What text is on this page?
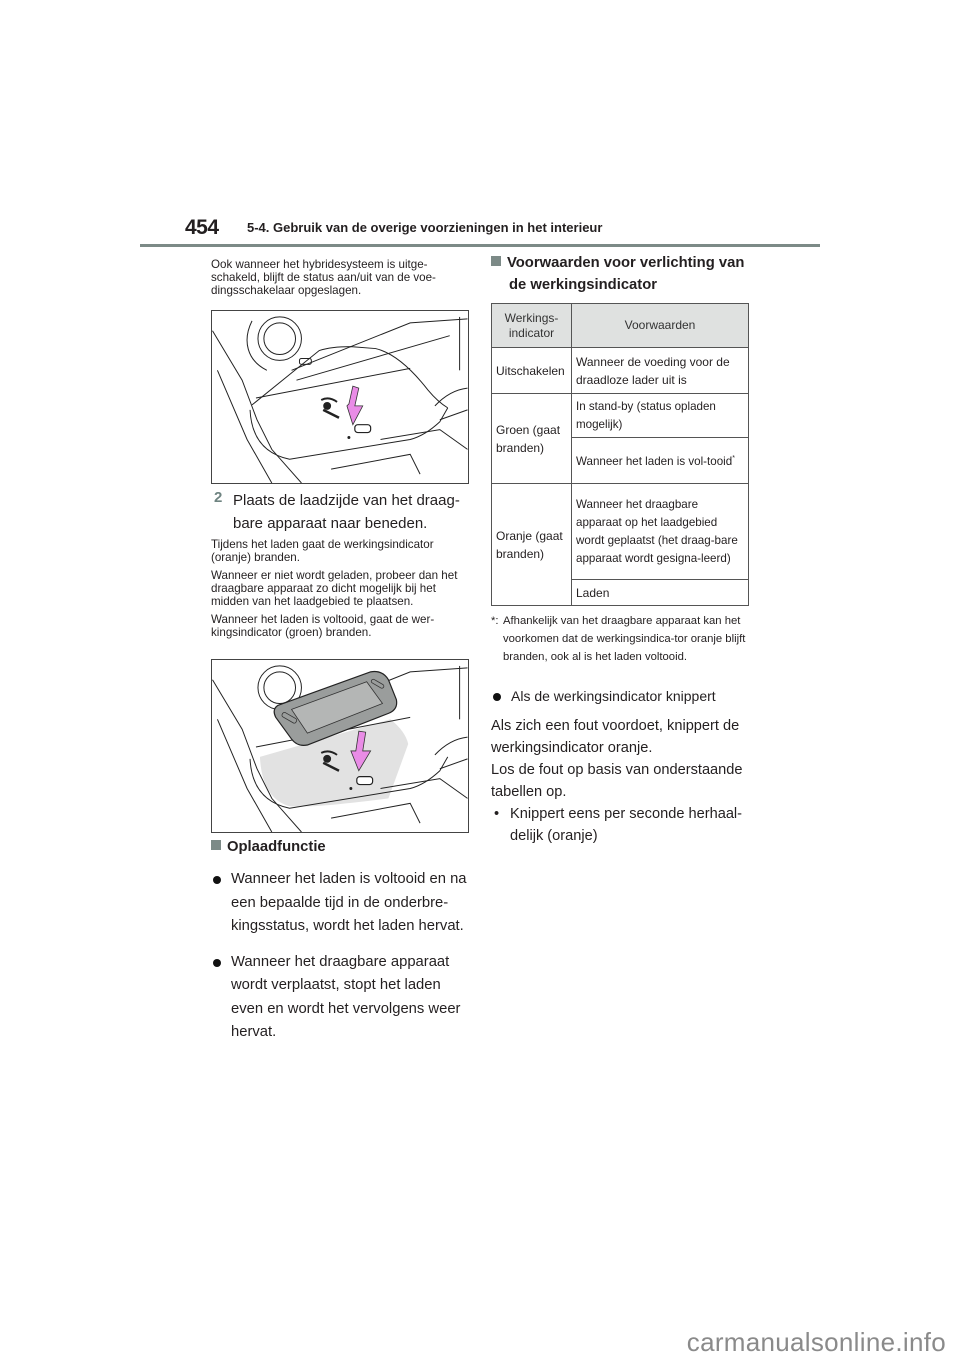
454 5-4. Gebruik van de overige voorzieningen in het interieur

Ook wanneer het hybridesysteem is uitge-schakeld, blijft de status aan/uit van de voe-dingsschakelaar opgeslagen.

2 Plaats de laadzijde van het draag-bare apparaat naar beneden.

Tijdens het laden gaat de werkingsindicator (oranje) branden.

Wanneer er niet wordt geladen, probeer dan het draagbare apparaat zo dicht mogelijk bij het midden van het laadgebied te plaatsen.

Wanneer het laden is voltooid, gaat de wer-kingsindicator (groen) branden.

Oplaadfunctie
Wanneer het laden is voltooid en na een bepaalde tijd in de onderbre-kingsstatus, wordt het laden hervat.
Wanneer het draagbare apparaat wordt verplaatst, stopt het laden even en wordt het vervolgens weer hervat.
Voorwaarden voor verlichting van
de werkingsindicator
Werkings-
indicator	Voorwaarden
Uitschakelen	Wanneer de voeding voor de draadloze lader uit is
Groen (gaat branden)	In stand-by (status opladen mogelijk)
	Wanneer het laden is vol-tooid*
Oranje (gaat branden)	Wanneer het draagbare apparaat op het laadgebied wordt geplaatst (het draag-bare apparaat wordt gesigna-leerd)
	Laden
*: Afhankelijk van het draagbare apparaat kan het voorkomen dat de werkingsindica-tor oranje blijft branden, ook al is het laden voltooid.
Als de werkingsindicator knippert

Als zich een fout voordoet, knippert de werkingsindicator oranje.

Los de fout op basis van onderstaande tabellen op.

• Knippert eens per seconde herhaal-delijk (oranje)
carmanualsonline.info
